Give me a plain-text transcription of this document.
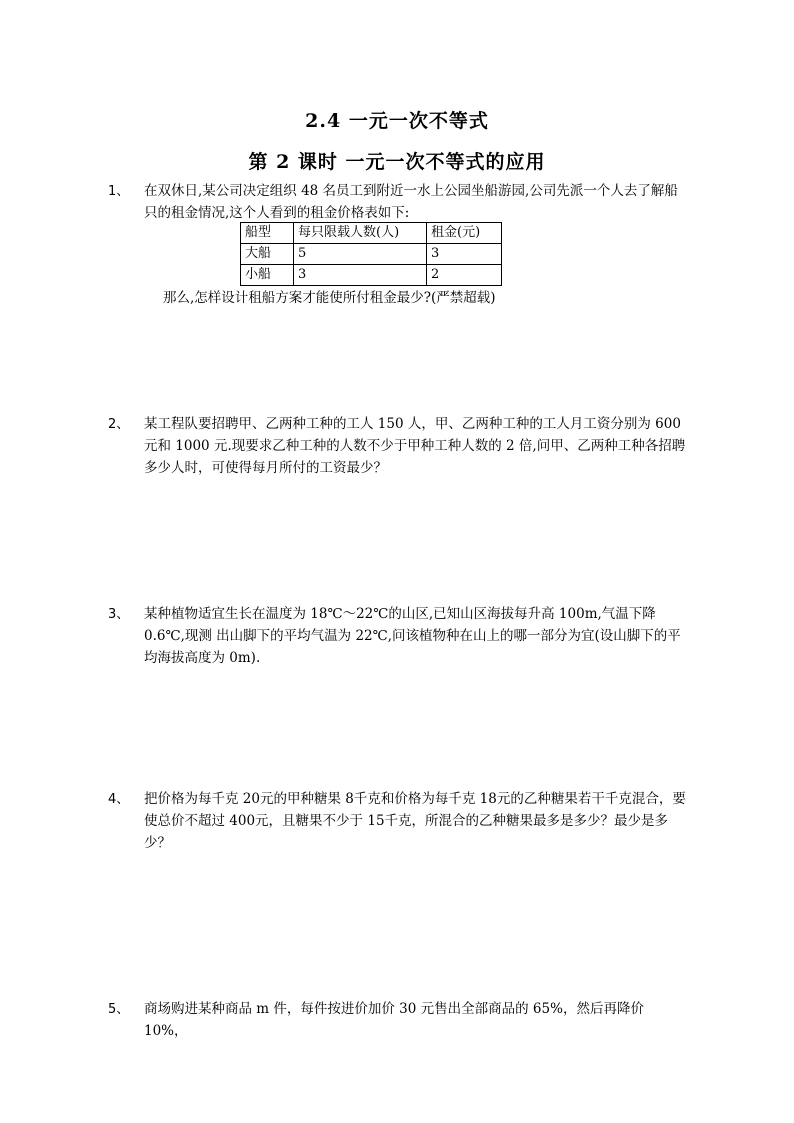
2.4 一元一次不等式
第 2 课时 一元一次不等式的应用
1、 在双休日,某公司决定组织 48 名员工到附近一水上公园坐船游园,公司先派一个人去了解船只的租金情况,这个人看到的租金价格表如下:
船型	每只限载人数(人)	租金(元)
大船	5	3
小船	3	2
那么,怎样设计租船方案才能使所付租金最少?(严禁超载)
2、 某工程队要招聘甲、乙两种工种的工人 150 人，甲、乙两种工种的工人月工资分别为 600 元和 1000 元.现要求乙种工种的人数不少于甲种工种人数的 2 倍,问甲、乙两种工种各招聘多少人时，可使得每月所付的工资最少？
3、 某种植物适宜生长在温度为 18℃～22℃的山区,已知山区海拔每升高 100m,气温下降 0.6℃,现测 出山脚下的平均气温为 22℃,问该植物种在山上的哪一部分为宜(设山脚下的平均海拔高度为 0m).
4、 把价格为每千克 20元的甲种糖果 8千克和价格为每千克 18元的乙种糖果若干千克混合，要使总价不超过 400元，且糖果不少于 15千克，所混合的乙种糖果最多是多少？最少是多少？
5、 商场购进某种商品 m 件，每件按进价加价 30 元售出全部商品的 65%，然后再降价 10%，
